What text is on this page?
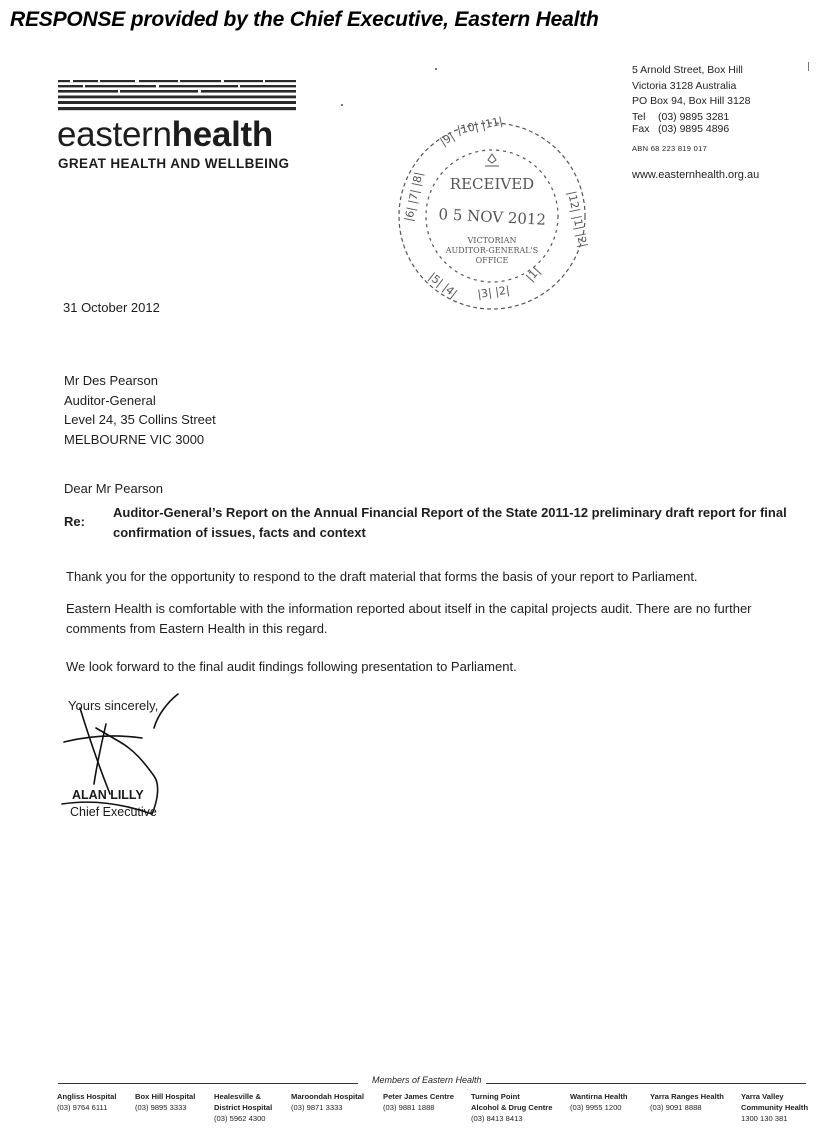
RESPONSE provided by the Chief Executive, Eastern Health
easternhealth
GREAT HEALTH AND WELLBEING
5 Arnold Street, Box Hill
Victoria 3128 Australia
PO Box 94, Box Hill 3128
Tel (03) 9895 3281
Fax (03) 9895 4896
ABN 68 223 819 017
www.easternhealth.org.au
|6| |7| |8|
|9|
|10| |11|
|12| |1| |2|
|5| |4| |3| |2|
|1|
RECEIVED
0 5 NOV 2012
VICTORIAN
AUDITOR-GENERAL'S
OFFICE
31 October 2012
Mr Des Pearson
Auditor-General
Level 24, 35 Collins Street
MELBOURNE VIC 3000
Dear Mr Pearson
Re:
Auditor-General’s Report on the Annual Financial Report of the State 2011-12 preliminary draft report for final confirmation of issues, facts and context
Thank you for the opportunity to respond to the draft material that forms the basis of your report to Parliament.
Eastern Health is comfortable with the information reported about itself in the capital projects audit. There are no further comments from Eastern Health in this regard.
We look forward to the final audit findings following presentation to Parliament.
Yours sincerely,
ALAN LILLY
Chief Executive
Members of Eastern Health
Angliss Hospital
(03) 9764 6111
Box Hill Hospital
(03) 9895 3333
Healesville &
District Hospital
(03) 5962 4300
Maroondah Hospital
(03) 9871 3333
Peter James Centre
(03) 9881 1888
Turning Point
Alcohol & Drug Centre
(03) 8413 8413
Wantirna Health
(03) 9955 1200
Yarra Ranges Health
(03) 9091 8888
Yarra Valley
Community Health
1300 130 381
